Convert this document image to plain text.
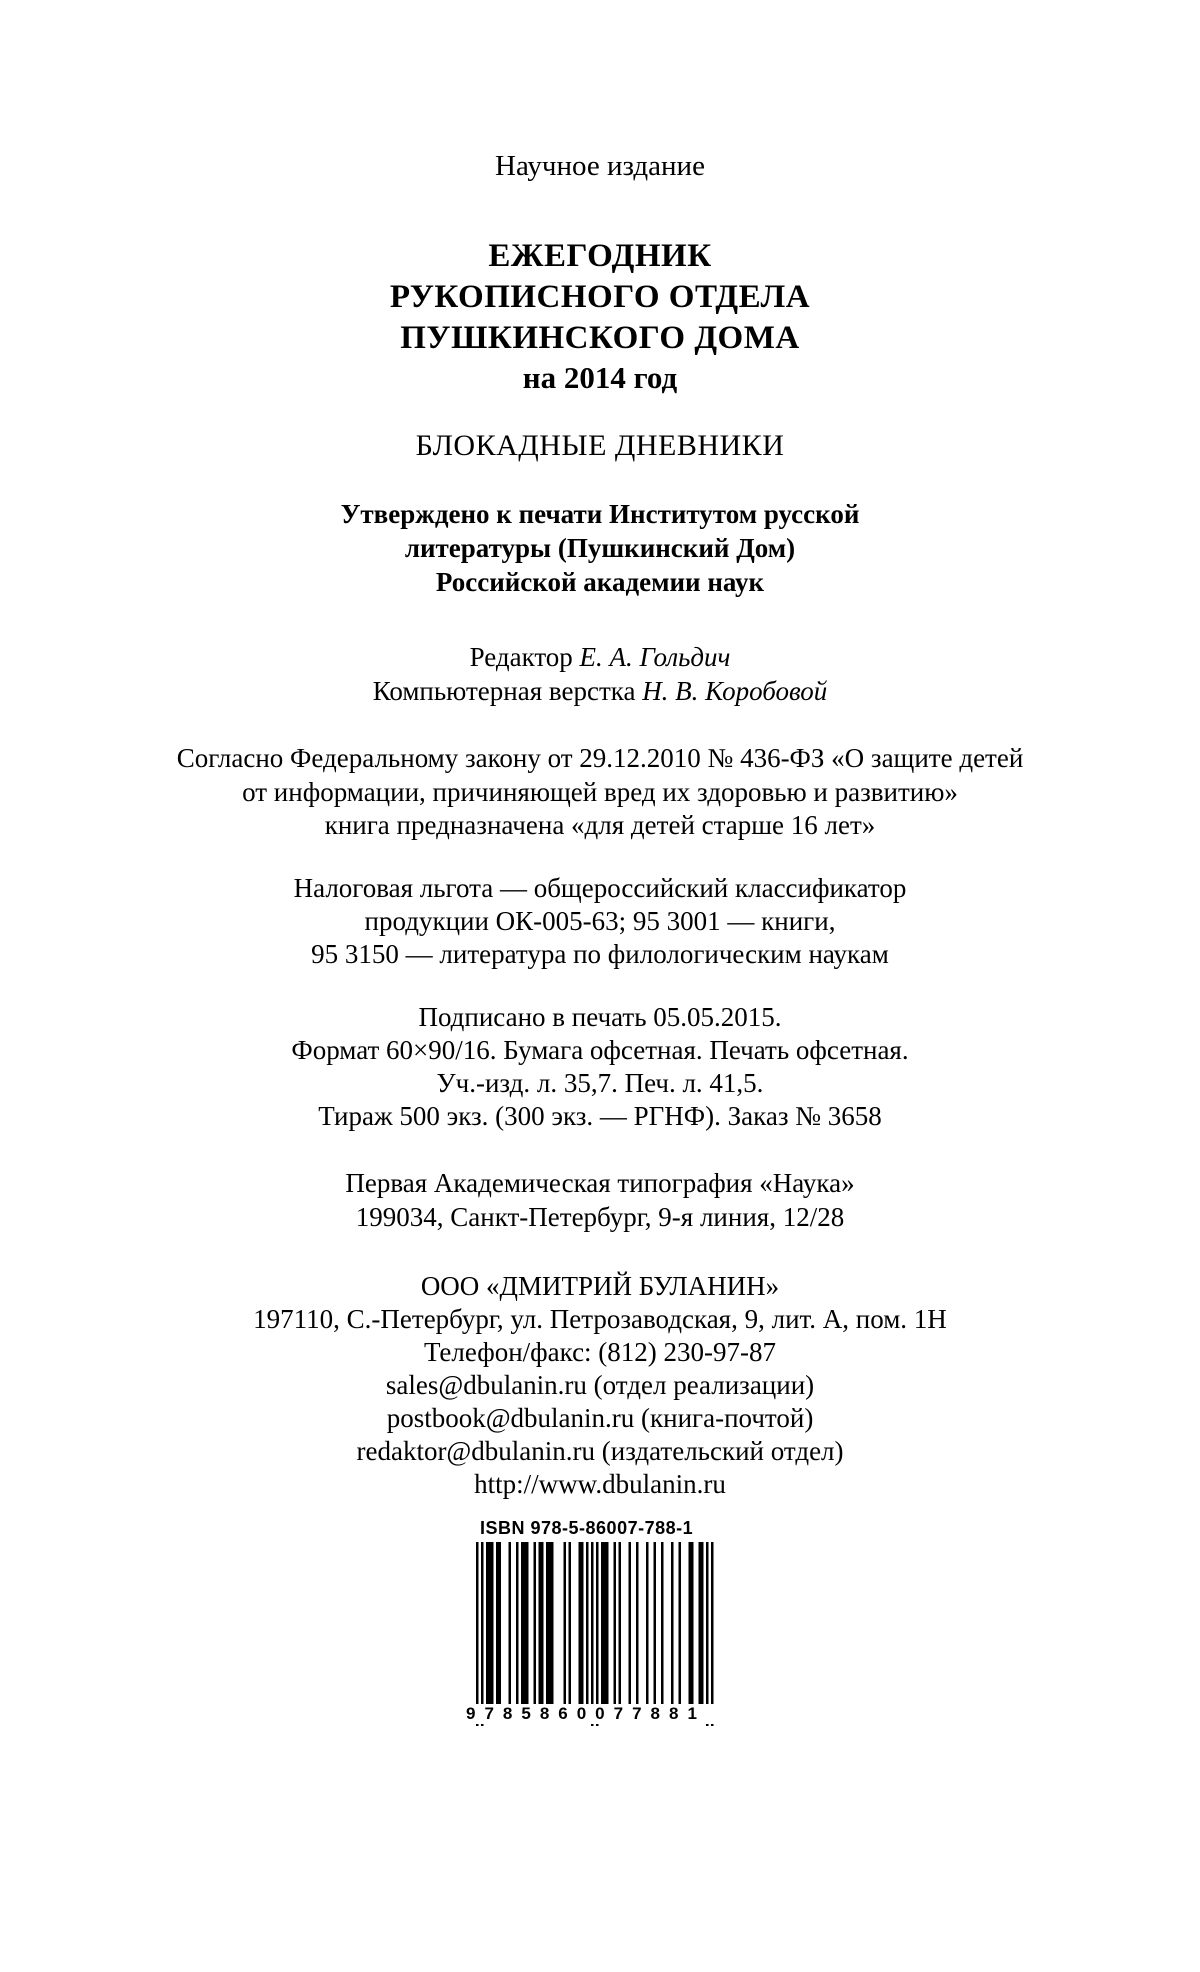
Научное издание
ЕЖЕГОДНИК
РУКОПИСНОГО ОТДЕЛА
ПУШКИНСКОГО ДОМА
на 2014 год
БЛОКАДНЫЕ ДНЕВНИКИ
Утверждено к печати Институтом русской
литературы (Пушкинский Дом)
Российской академии наук
Редактор Е. А. Гольдич
Компьютерная верстка Н. В. Коробовой
Согласно Федеральному закону от 29.12.2010 № 436-ФЗ «О защите детей
от информации, причиняющей вред их здоровью и развитию»
книга предназначена «для детей старше 16 лет»
Налоговая льгота — общероссийский классификатор
продукции ОК-005-63; 95 3001 — книги,
95 3150 — литература по филологическим наукам
Подписано в печать 05.05.2015.
Формат 60×90/16. Бумага офсетная. Печать офсетная.
Уч.-изд. л. 35,7. Печ. л. 41,5.
Тираж 500 экз. (300 экз. — РГНФ). Заказ № 3658
Первая Академическая типография «Наука»
199034, Санкт-Петербург, 9-я линия, 12/28
ООО «ДМИТРИЙ БУЛАНИН»
197110, С.-Петербург, ул. Петрозаводская, 9, лит. А, пом. 1Н
Телефон/факс: (812) 230-97-87
sales@dbulanin.ru (отдел реализации)
postbook@dbulanin.ru (книга-почтой)
redaktor@dbulanin.ru (издательский отдел)
http://www.dbulanin.ru
ISBN 978-5-86007-788-1
9785860077881
